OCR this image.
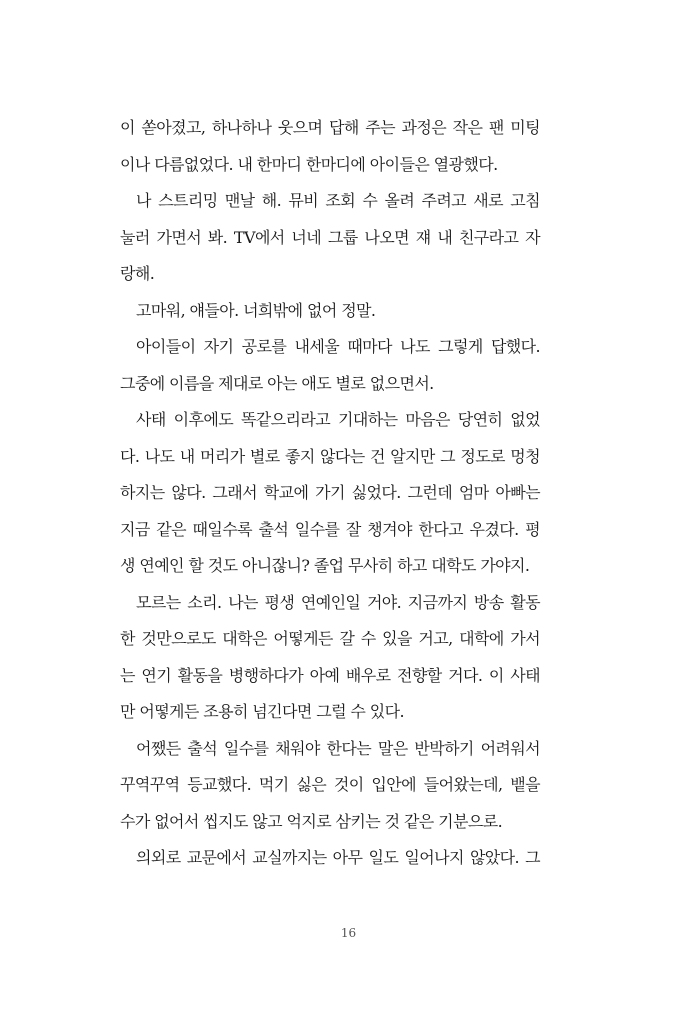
이 쏟아졌고, 하나하나 웃으며 답해 주는 과정은 작은 팬 미팅
이나 다름없었다. 내 한마디 한마디에 아이들은 열광했다.
나 스트리밍 맨날 해. 뮤비 조회 수 올려 주려고 새로 고침
눌러 가면서 봐. TV에서 너네 그룹 나오면 쟤 내 친구라고 자
랑해.
고마워, 얘들아. 너희밖에 없어 정말.
아이들이 자기 공로를 내세울 때마다 나도 그렇게 답했다.
그중에 이름을 제대로 아는 애도 별로 없으면서.
사태 이후에도 똑같으리라고 기대하는 마음은 당연히 없었
다. 나도 내 머리가 별로 좋지 않다는 건 알지만 그 정도로 멍청
하지는 않다. 그래서 학교에 가기 싫었다. 그런데 엄마 아빠는
지금 같은 때일수록 출석 일수를 잘 챙겨야 한다고 우겼다. 평
생 연예인 할 것도 아니잖니? 졸업 무사히 하고 대학도 가야지.
모르는 소리. 나는 평생 연예인일 거야. 지금까지 방송 활동
한 것만으로도 대학은 어떻게든 갈 수 있을 거고, 대학에 가서
는 연기 활동을 병행하다가 아예 배우로 전향할 거다. 이 사태
만 어떻게든 조용히 넘긴다면 그럴 수 있다.
어쨌든 출석 일수를 채워야 한다는 말은 반박하기 어려워서
꾸역꾸역 등교했다. 먹기 싫은 것이 입안에 들어왔는데, 뱉을
수가 없어서 씹지도 않고 억지로 삼키는 것 같은 기분으로.
의외로 교문에서 교실까지는 아무 일도 일어나지 않았다. 그
16
